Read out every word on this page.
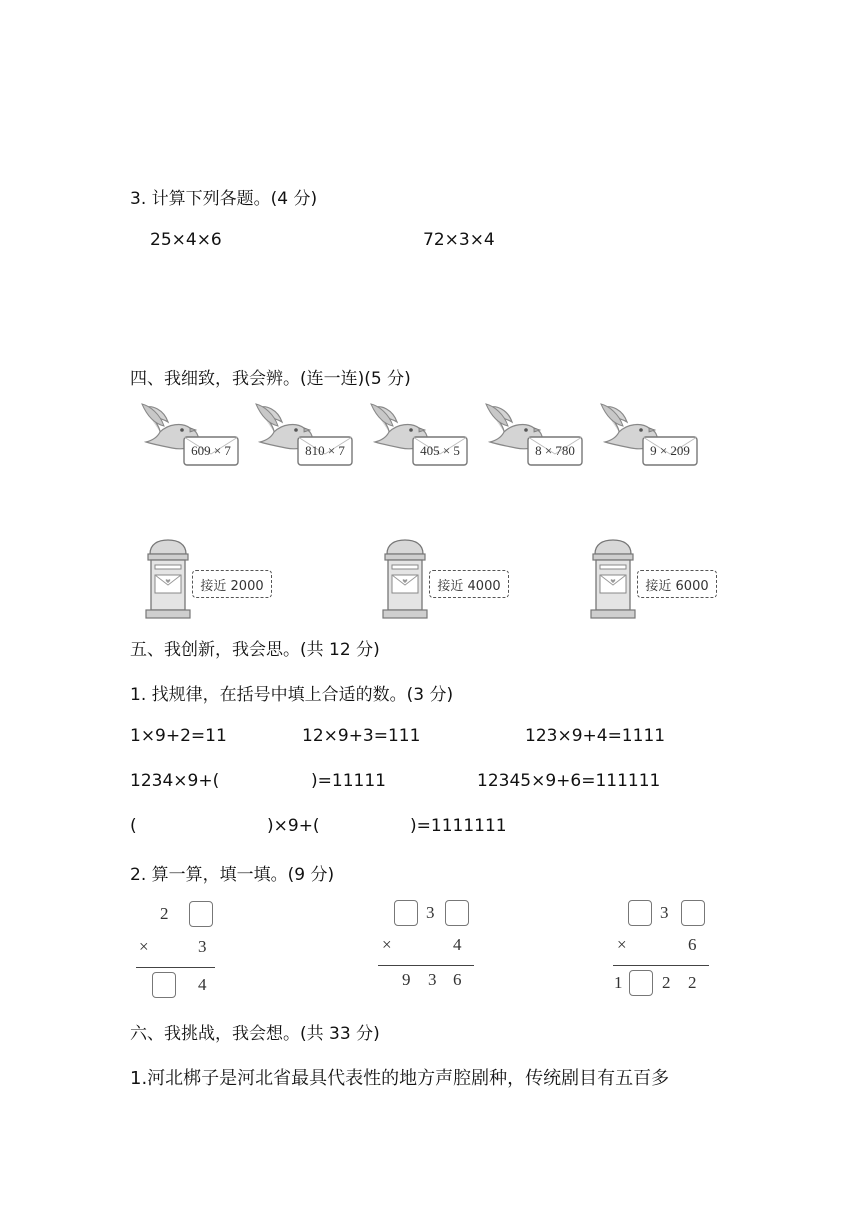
3. 计算下列各题。(4 分)
25×4×6	72×3×4
四、我细致，我会辨。(连一连)(5 分)
609 × 7	810 × 7	405 × 5	8 × 780	9 × 209
接近 2000	接近 4000	接近 6000
五、我创新，我会思。(共 12 分)
1. 找规律，在括号中填上合适的数。(3 分)
1×9+2=11	12×9+3=111	123×9+4=1111
1234×9+(	)=11111	12345×9+6=111111
(	)×9+(	)=1111111
2. 算一算，填一填。(9 分)
2
×	3
4
3
×	4
9 3 6
3
×	6
1 2 2
六、我挑战，我会想。(共 33 分)
1.河北梆子是河北省最具代表性的地方声腔剧种，传统剧目有五百多
